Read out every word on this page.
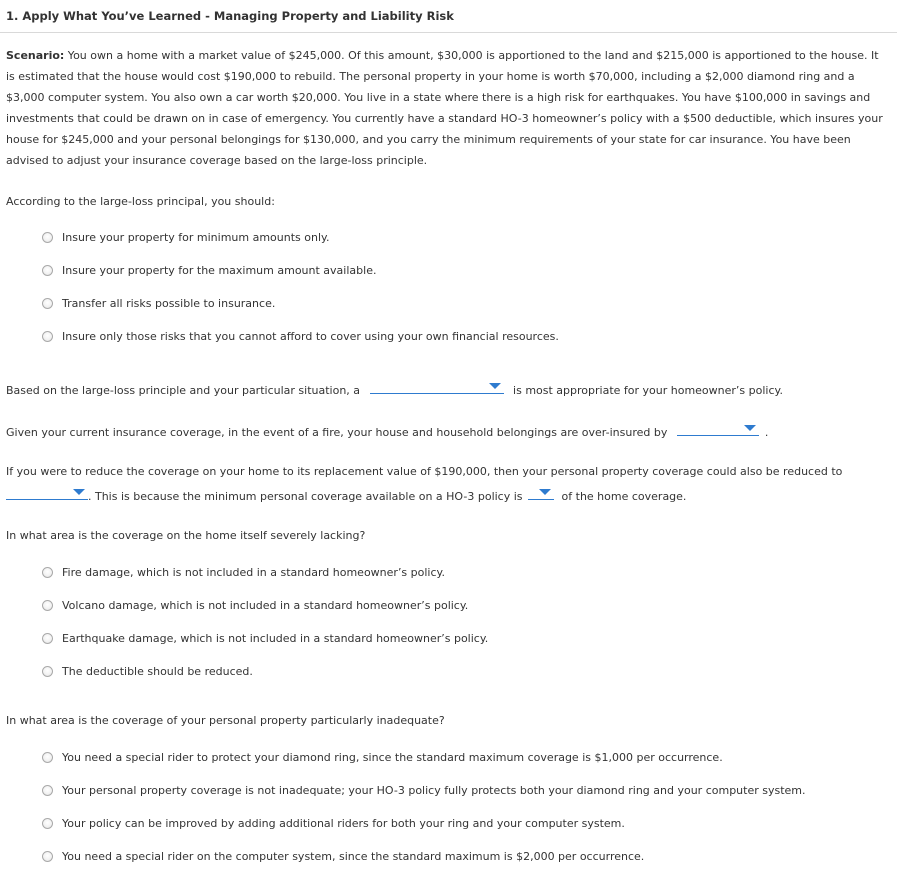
1. Apply What You’ve Learned - Managing Property and Liability Risk
Scenario: You own a home with a market value of $245,000. Of this amount, $30,000 is apportioned to the land and $215,000 is apportioned to the house. It is estimated that the house would cost $190,000 to rebuild. The personal property in your home is worth $70,000, including a $2,000 diamond ring and a $3,000 computer system. You also own a car worth $20,000. You live in a state where there is a high risk for earthquakes. You have $100,000 in savings and investments that could be drawn on in case of emergency. You currently have a standard HO-3 homeowner’s policy with a $500 deductible, which insures your house for $245,000 and your personal belongings for $130,000, and you carry the minimum requirements of your state for car insurance. You have been advised to adjust your insurance coverage based on the large-loss principle.
According to the large-loss principal, you should:
Insure your property for minimum amounts only.
Insure your property for the maximum amount available.
Transfer all risks possible to insurance.
Insure only those risks that you cannot afford to cover using your own financial resources.
Based on the large-loss principle and your particular situation, a	is most appropriate for your homeowner’s policy.
Given your current insurance coverage, in the event of a fire, your house and household belongings are over-insured by	.
If you were to reduce the coverage on your home to its replacement value of $190,000, then your personal property coverage could also be reduced to
. This is because the minimum personal coverage available on a HO-3 policy is	of the home coverage.
In what area is the coverage on the home itself severely lacking?
Fire damage, which is not included in a standard homeowner’s policy.
Volcano damage, which is not included in a standard homeowner’s policy.
Earthquake damage, which is not included in a standard homeowner’s policy.
The deductible should be reduced.
In what area is the coverage of your personal property particularly inadequate?
You need a special rider to protect your diamond ring, since the standard maximum coverage is $1,000 per occurrence.
Your personal property coverage is not inadequate; your HO-3 policy fully protects both your diamond ring and your computer system.
Your policy can be improved by adding additional riders for both your ring and your computer system.
You need a special rider on the computer system, since the standard maximum is $2,000 per occurrence.
